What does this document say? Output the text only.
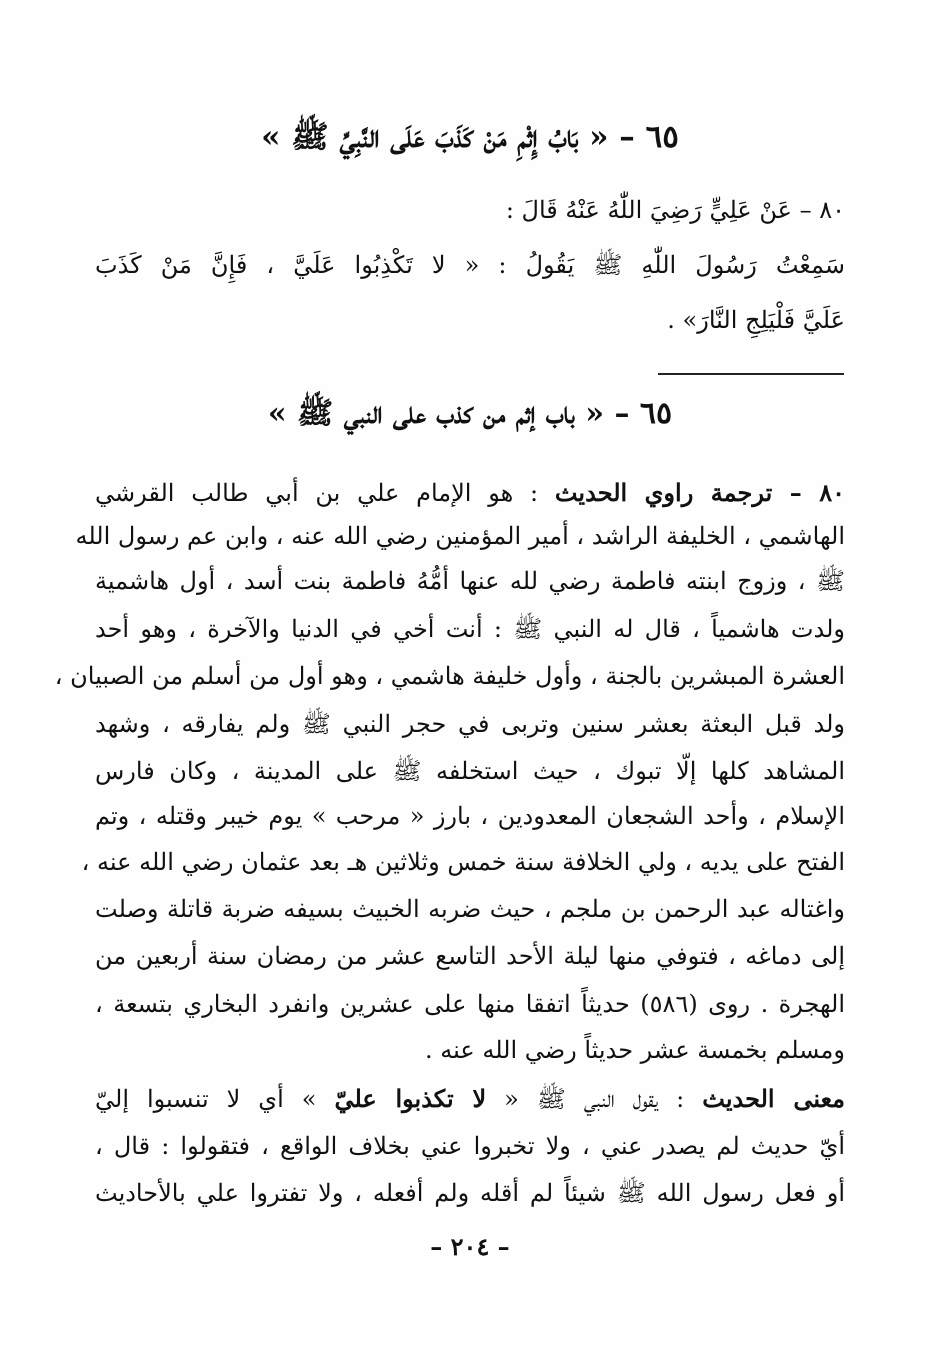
٦٥ – « بَابُ إِثْمِ مَنْ كَذَبَ عَلَى النَّبِيِّ ﷺ »
٨٠ – عَنْ عَلِيٍّ رَضِيَ اللّٰهُ عَنْهُ قَالَ :
سَمِعْتُ رَسُولَ اللّٰهِ ﷺ يَقُولُ : « لا تَكْذِبُوا عَلَيَّ ، فَإِنَّ مَنْ كَذَبَ
عَلَيَّ فَلْيَلِجِ النَّارَ» .
٦٥ – « باب إثم من كذب على النبي ﷺ »
٨٠ – ترجمة راوي الحديث : هو الإمام علي بن أبي طالب القرشي
الهاشمي ، الخليفة الراشد ، أمير المؤمنين رضي الله عنه ، وابن عم رسول الله
ﷺ ، وزوج ابنته فاطمة رضي لله عنها أمُّهُ فاطمة بنت أسد ، أول هاشمية
ولدت هاشمياً ، قال له النبي ﷺ : أنت أخي في الدنيا والآخرة ، وهو أحد
العشرة المبشرين بالجنة ، وأول خليفة هاشمي ، وهو أول من أسلم من الصبيان ،
ولد قبل البعثة بعشر سنين وتربى في حجر النبي ﷺ ولم يفارقه ، وشهد
المشاهد كلها إلّا تبوك ، حيث استخلفه ﷺ على المدينة ، وكان فارس
الإسلام ، وأحد الشجعان المعدودين ، بارز « مرحب » يوم خيبر وقتله ، وتم
الفتح على يديه ، ولي الخلافة سنة خمس وثلاثين هـ بعد عثمان رضي الله عنه ،
واغتاله عبد الرحمن بن ملجم ، حيث ضربه الخبيث بسيفه ضربة قاتلة وصلت
إلى دماغه ، فتوفي منها ليلة الأحد التاسع عشر من رمضان سنة أربعين من
الهجرة . روى (٥٨٦) حديثاً اتفقا منها على عشرين وانفرد البخاري بتسعة ،
ومسلم بخمسة عشر حديثاً رضي الله عنه .
معنى الحديث : يقول النبي ﷺ « لا تكذبوا عليّ » أي لا تنسبوا إليّ
أيّ حديث لم يصدر عني ، ولا تخبروا عني بخلاف الواقع ، فتقولوا : قال ،
أو فعل رسول الله ﷺ شيئاً لم أقله ولم أفعله ، ولا تفتروا علي بالأحاديث
– ٢٠٤ –
